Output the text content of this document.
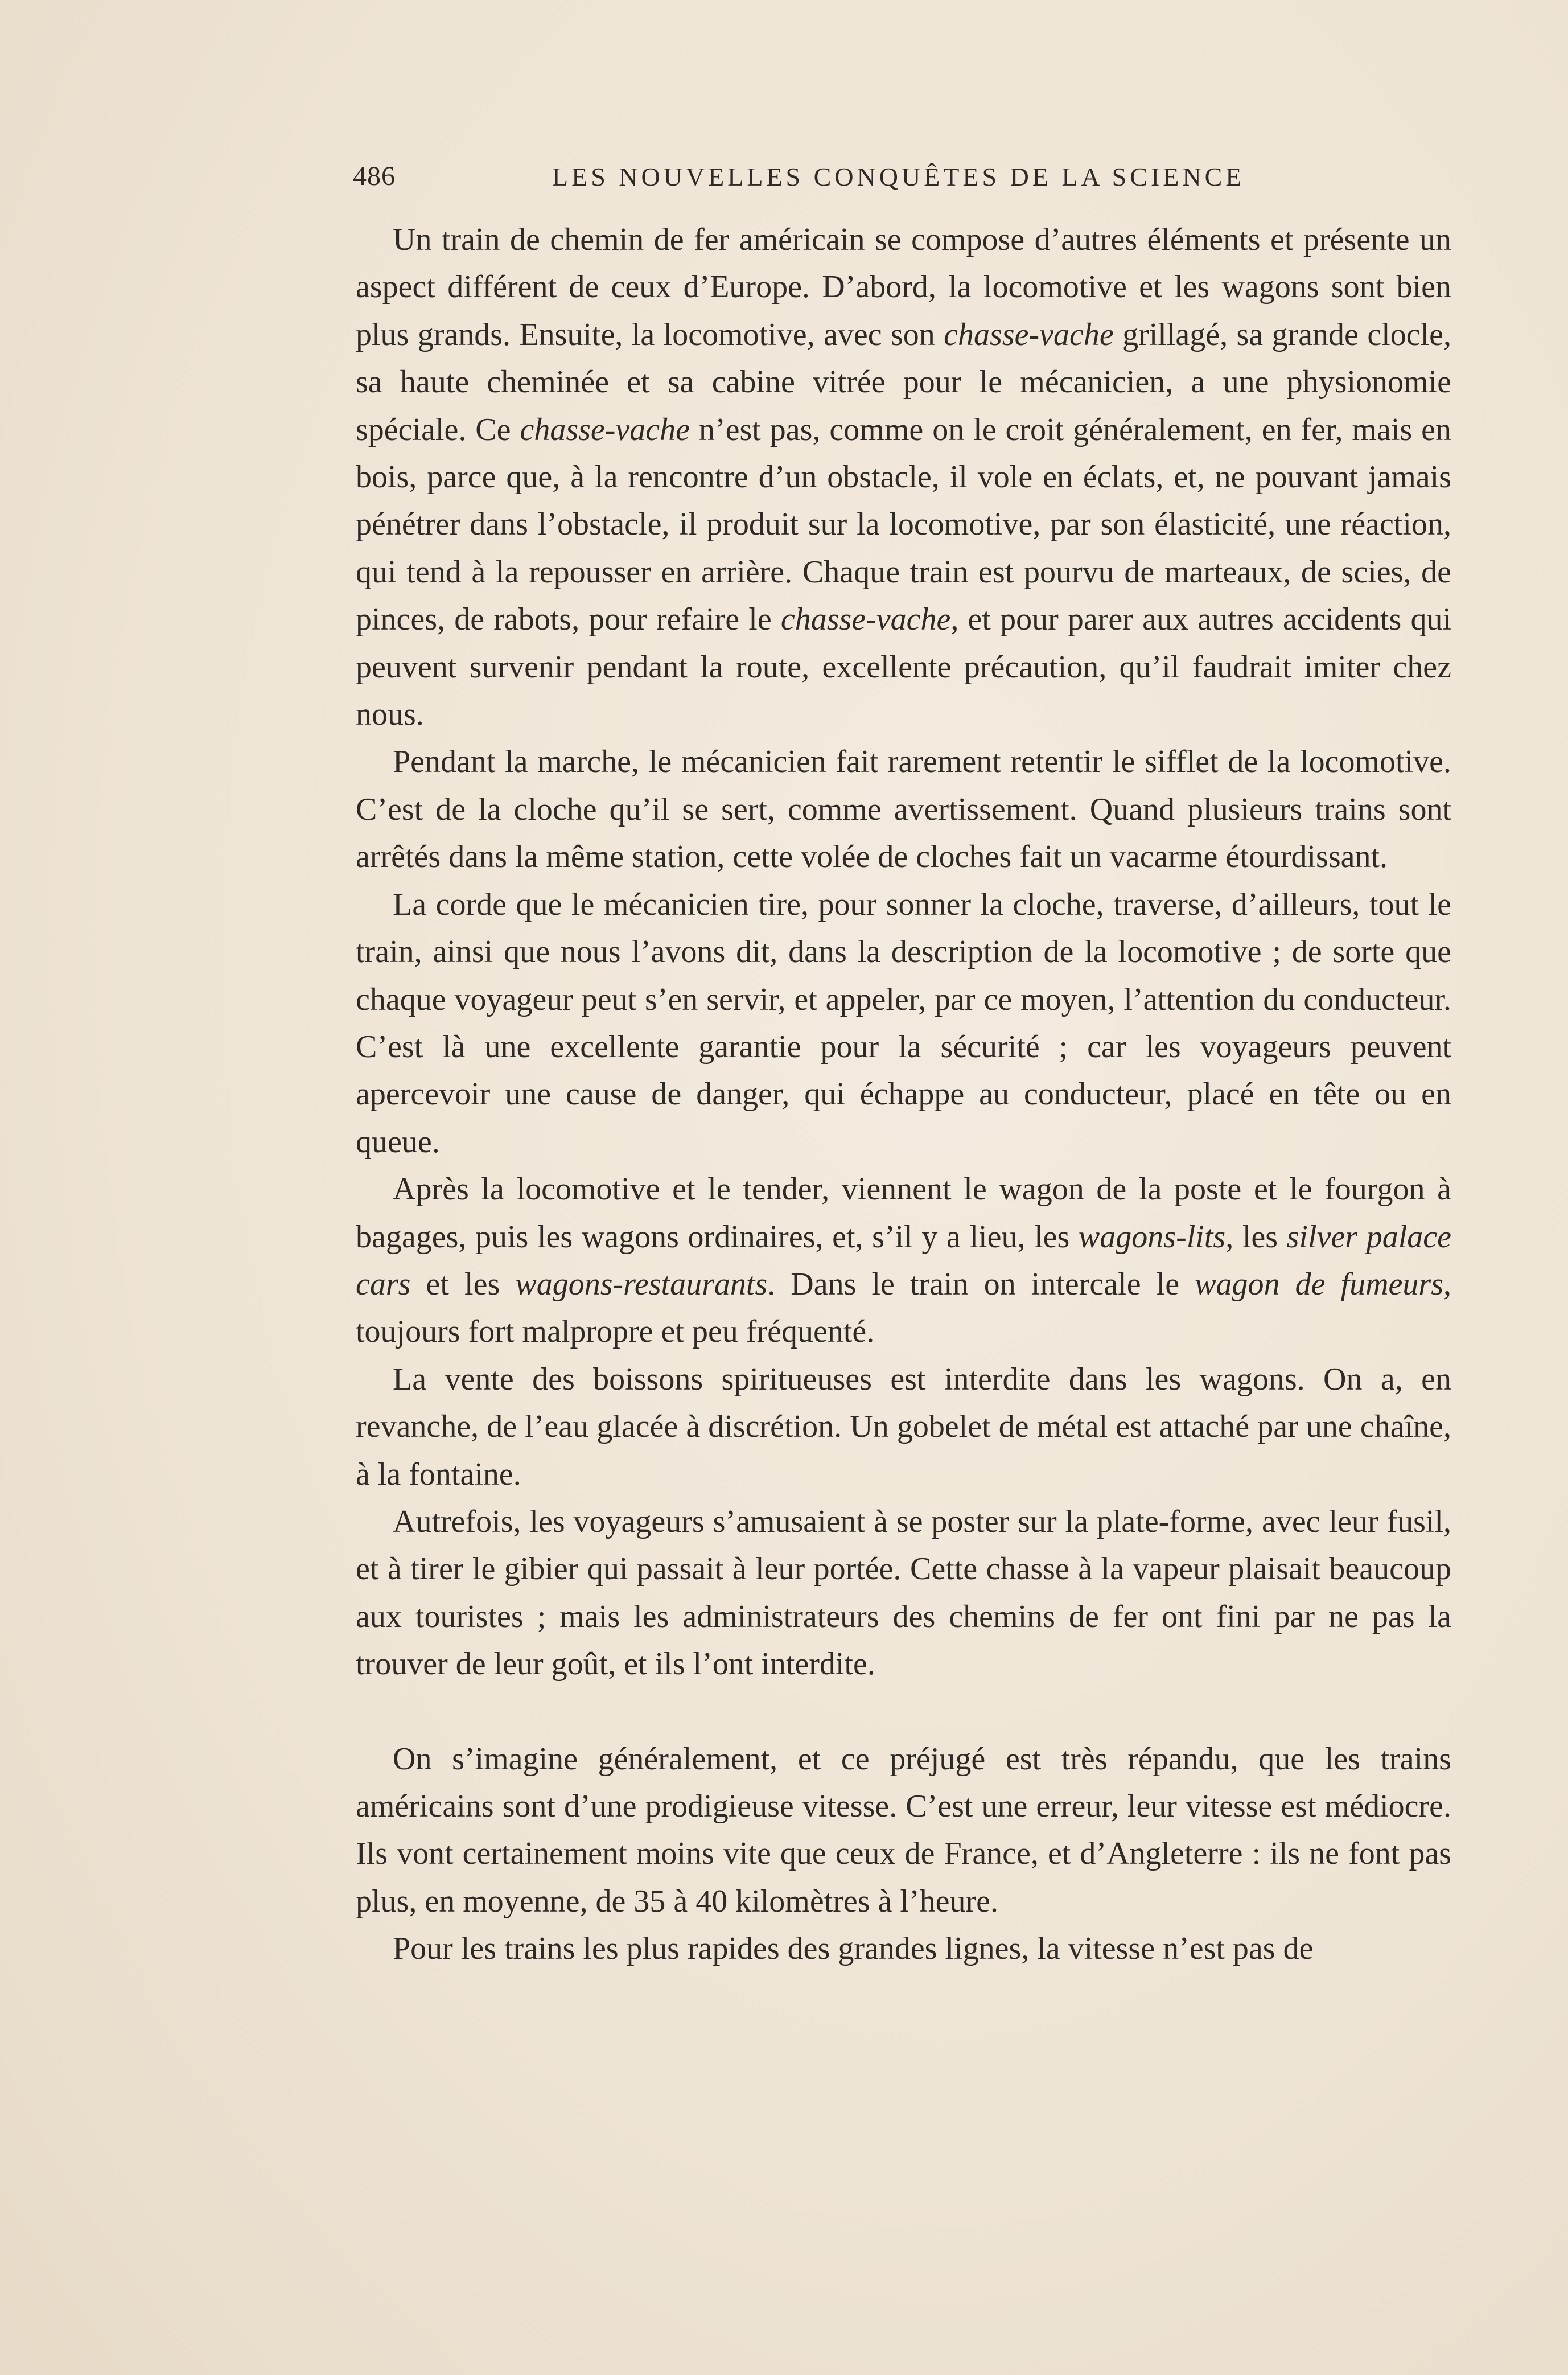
486	LES NOUVELLES CONQUÊTES DE LA SCIENCE

Un train de chemin de fer américain se compose d’autres éléments et présente un aspect différent de ceux d’Europe. D’abord, la locomotive et les wagons sont bien plus grands. Ensuite, la locomotive, avec son chasse-vache grillagé, sa grande clocle, sa haute cheminée et sa cabine vitrée pour le mécanicien, a une physionomie spéciale. Ce chasse-vache n’est pas, comme on le croit généralement, en fer, mais en bois, parce que, à la rencontre d’un obstacle, il vole en éclats, et, ne pouvant jamais pénétrer dans l’obstacle, il produit sur la locomotive, par son élasticité, une réaction, qui tend à la repousser en arrière. Chaque train est pourvu de marteaux, de scies, de pinces, de rabots, pour refaire le chasse-vache, et pour parer aux autres accidents qui peuvent survenir pendant la route, excellente précaution, qu’il faudrait imiter chez nous.

Pendant la marche, le mécanicien fait rarement retentir le sifflet de la locomotive. C’est de la cloche qu’il se sert, comme avertissement. Quand plusieurs trains sont arrêtés dans la même station, cette volée de cloches fait un vacarme étourdissant.

La corde que le mécanicien tire, pour sonner la cloche, traverse, d’ailleurs, tout le train, ainsi que nous l’avons dit, dans la description de la locomotive ; de sorte que chaque voyageur peut s’en servir, et appeler, par ce moyen, l’attention du conducteur. C’est là une excellente garantie pour la sécurité ; car les voyageurs peuvent apercevoir une cause de danger, qui échappe au conducteur, placé en tête ou en queue.

Après la locomotive et le tender, viennent le wagon de la poste et le fourgon à bagages, puis les wagons ordinaires, et, s’il y a lieu, les wagons-lits, les silver palace cars et les wagons-restaurants. Dans le train on intercale le wagon de fumeurs, toujours fort malpropre et peu fréquenté.

La vente des boissons spiritueuses est interdite dans les wagons. On a, en revanche, de l’eau glacée à discrétion. Un gobelet de métal est attaché par une chaîne, à la fontaine.

Autrefois, les voyageurs s’amusaient à se poster sur la plate-forme, avec leur fusil, et à tirer le gibier qui passait à leur portée. Cette chasse à la vapeur plaisait beaucoup aux touristes ; mais les administrateurs des chemins de fer ont fini par ne pas la trouver de leur goût, et ils l’ont interdite.

On s’imagine généralement, et ce préjugé est très répandu, que les trains américains sont d’une prodigieuse vitesse. C’est une erreur, leur vitesse est médiocre. Ils vont certainement moins vite que ceux de France, et d’Angleterre : ils ne font pas plus, en moyenne, de 35 à 40 kilomètres à l’heure.

Pour les trains les plus rapides des grandes lignes, la vitesse n’est pas de
